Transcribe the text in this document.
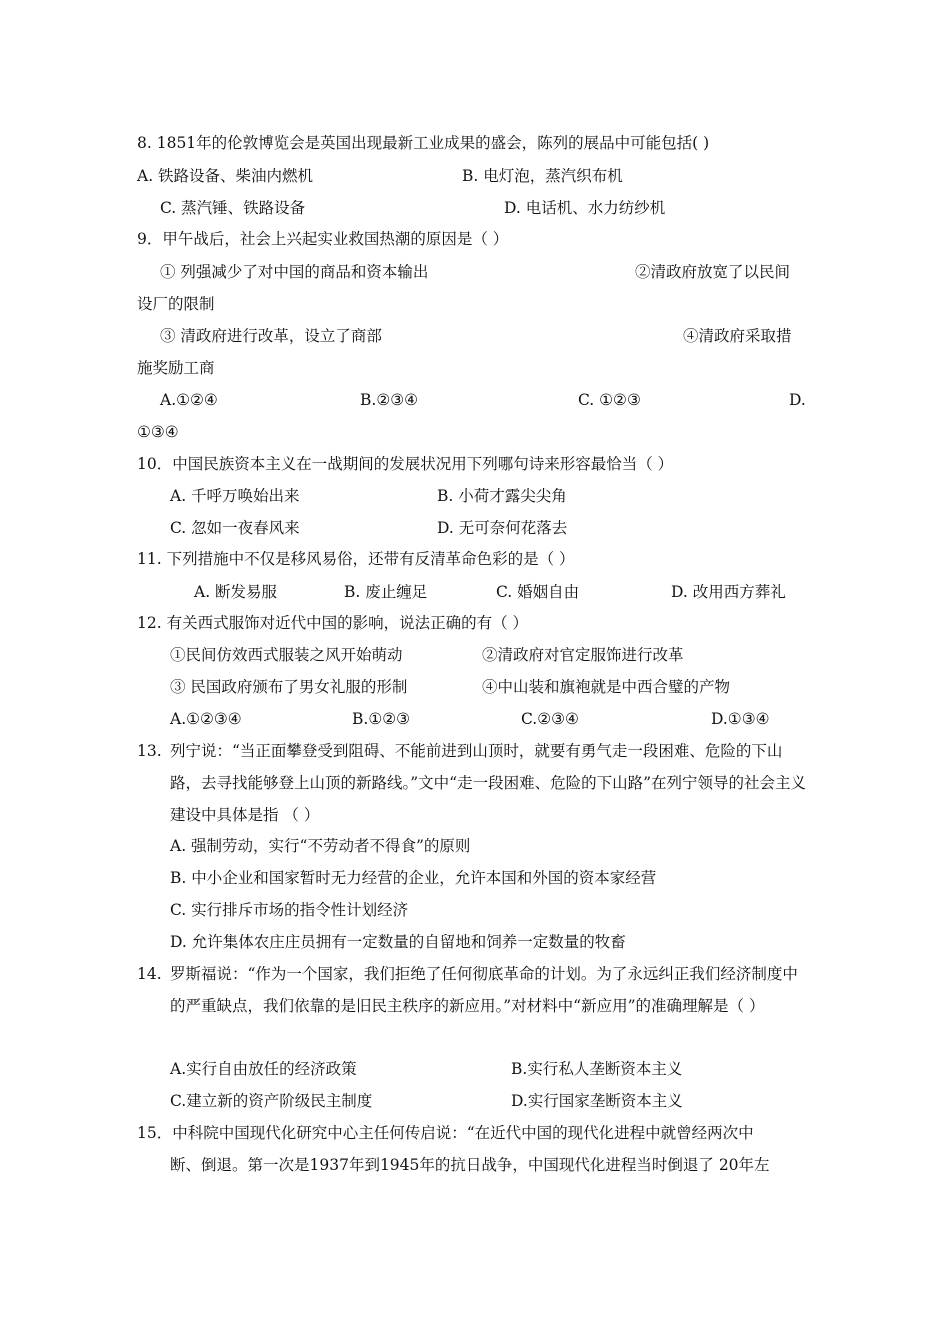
8. 1851年的伦敦博览会是英国出现最新工业成果的盛会，陈列的展品中可能包括( )
A. 铁路设备、柴油内燃机	B. 电灯泡，蒸汽织布机
C. 蒸汽锤、铁路设备	D. 电话机、水力纺纱机
9．甲午战后，社会上兴起实业救国热潮的原因是（ ）
① 列强减少了对中国的商品和资本输出	②清政府放宽了以民间
设厂的限制
③ 清政府进行改革，设立了商部	④清政府采取措
施奖励工商
A.①②④	B.②③④	C. ①②③	D.
①③④
10．中国民族资本主义在一战期间的发展状况用下列哪句诗来形容最恰当（ ）
A. 千呼万唤始出来	B. 小荷才露尖尖角
C. 忽如一夜春风来	D. 无可奈何花落去
11. 下列措施中不仅是移风易俗，还带有反清革命色彩的是（ ）
A. 断发易服	B. 废止缠足	C. 婚姻自由	D. 改用西方葬礼
12. 有关西式服饰对近代中国的影响，说法正确的有（ ）
①民间仿效西式服装之风开始萌动	②清政府对官定服饰进行改革
③ 民国政府颁布了男女礼服的形制	④中山装和旗袍就是中西合璧的产物
A.①②③④	B.①②③	C.②③④	D.①③④
13. 列宁说：“当正面攀登受到阻碍、不能前进到山顶时，就要有勇气走一段困难、危险的下山路，去寻找能够登上山顶的新路线。”文中“走一段困难、危险的下山路”在列宁领导的社会主义建设中具体是指 （ ）
A. 强制劳动，实行“不劳动者不得食”的原则
B. 中小企业和国家暂时无力经营的企业，允许本国和外国的资本家经营
C. 实行排斥市场的指令性计划经济
D. 允许集体农庄庄员拥有一定数量的自留地和饲养一定数量的牧畜
14. 罗斯福说：“作为一个国家，我们拒绝了任何彻底革命的计划。为了永远纠正我们经济制度中的严重缺点，我们依靠的是旧民主秩序的新应用。”对材料中“新应用”的准确理解是（ ）
A.实行自由放任的经济政策	B.实行私人垄断资本主义
C.建立新的资产阶级民主制度	D.实行国家垄断资本主义
15．中科院中国现代化研究中心主任何传启说：“在近代中国的现代化进程中就曾经两次中
断、倒退。第一次是1937年到1945年的抗日战争，中国现代化进程当时倒退了 20年左
